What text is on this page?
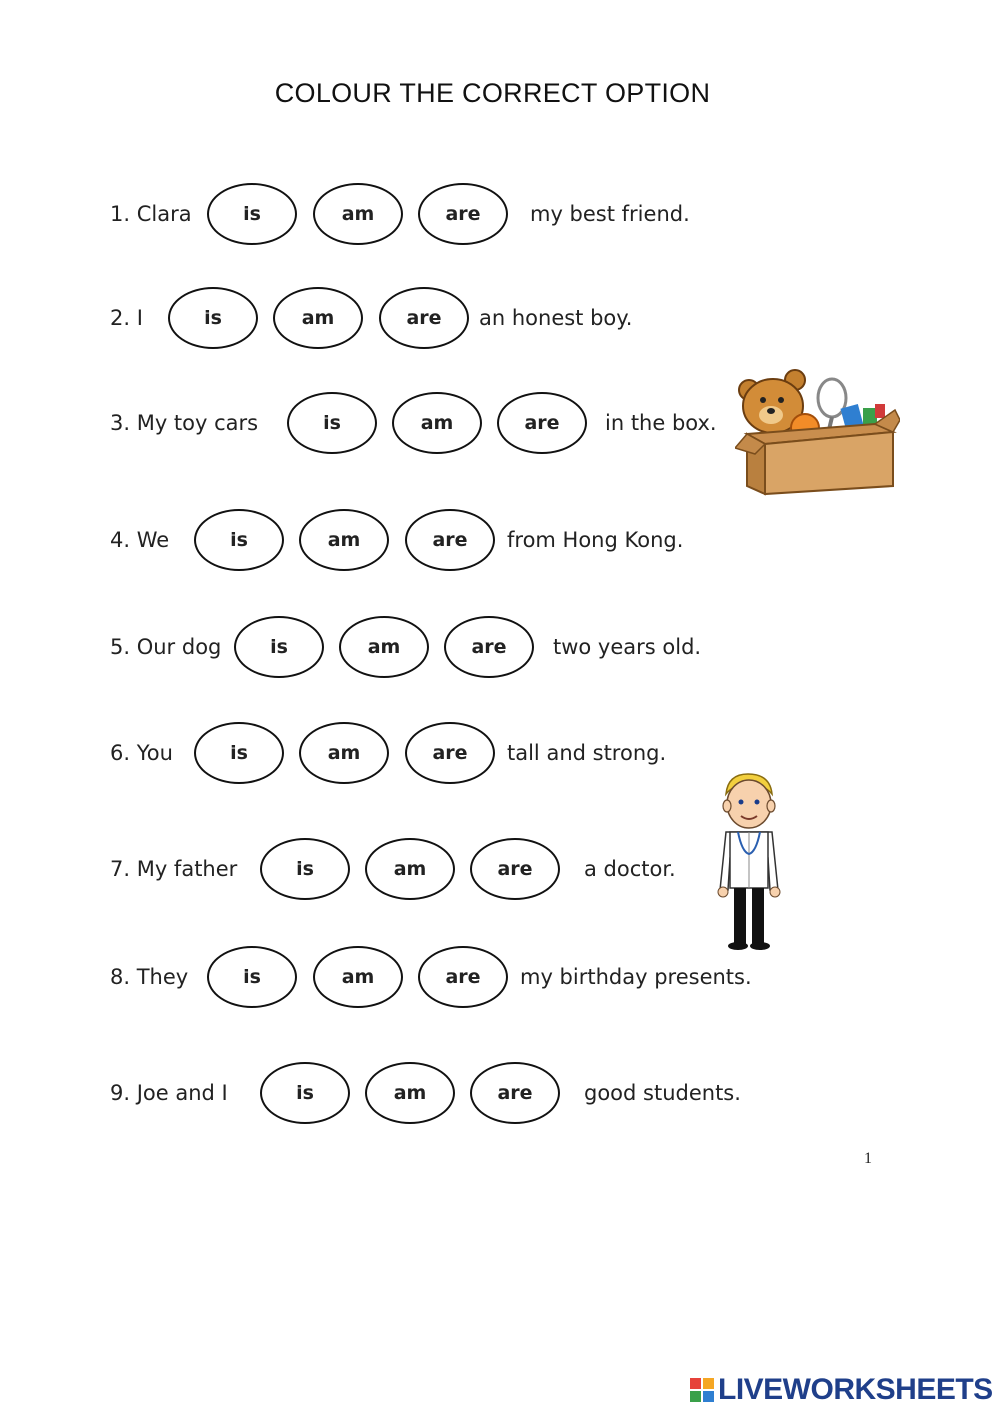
COLOUR THE CORRECT OPTION
1. Clara	is	am	are	my best friend.
2. I	is	am	are	an honest boy.
3. My toy cars	is	am	are	in the box.
4. We	is	am	are	from Hong Kong.
5. Our dog	is	am	are	two years old.
6. You	is	am	are	tall and strong.
7. My father	is	am	are	a doctor.
8. They	is	am	are	my birthday presents.
9. Joe and I	is	am	are	good students.
1
LIVEWORKSHEETS
